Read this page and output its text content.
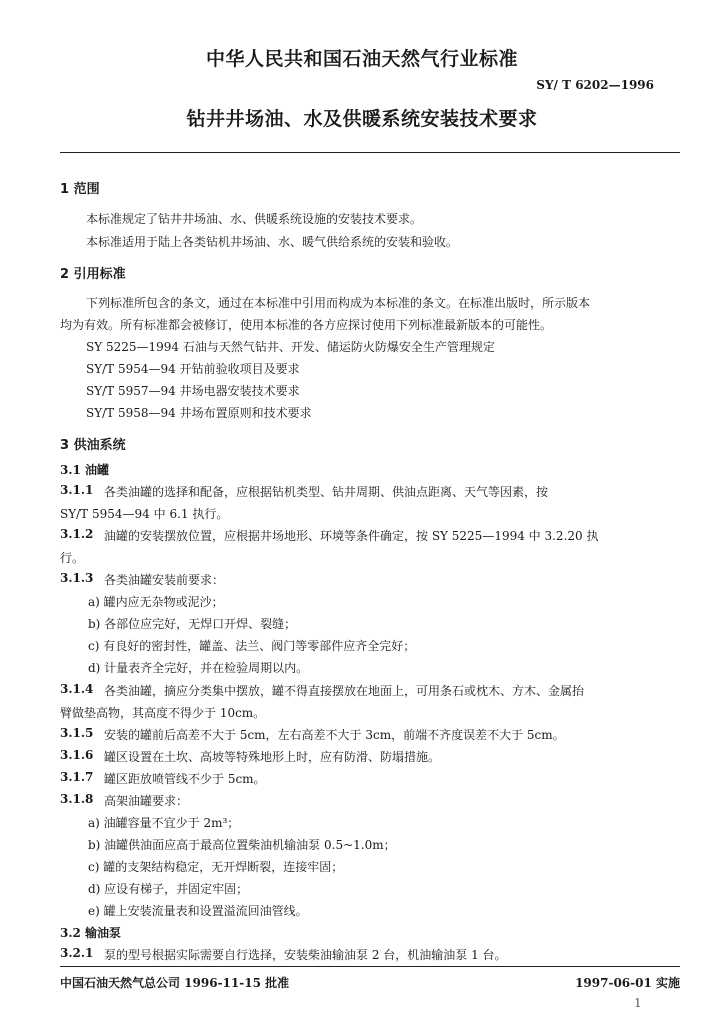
中华人民共和国石油天然气行业标准
SY/ T 6202—1996
钻井井场油、水及供暖系统安装技术要求
1 范围
本标准规定了钻井井场油、水、供暖系统设施的安装技术要求。
本标准适用于陆上各类钻机井场油、水、暖气供给系统的安装和验收。
2 引用标准
下列标准所包含的条文，通过在本标准中引用而构成为本标准的条文。在标准出版时，所示版本
均为有效。所有标准都会被修订，使用本标准的各方应探讨使用下列标准最新版本的可能性。
SY 5225—1994 石油与天然气钻井、开发、储运防火防爆安全生产管理规定
SY/T 5954—94 开钻前验收项目及要求
SY/T 5957—94 井场电器安装技术要求
SY/T 5958—94 井场布置原则和技术要求
3 供油系统
3.1 油罐
3.1.1 各类油罐的选择和配备，应根据钻机类型、钻井周期、供油点距离、天气等因素，按
SY/T 5954—94 中 6.1 执行。
3.1.2 油罐的安装摆放位置，应根据井场地形、环境等条件确定，按 SY 5225—1994 中 3.2.20 执
行。
3.1.3 各类油罐安装前要求：
a) 罐内应无杂物或泥沙；
b) 各部位应完好，无焊口开焊、裂缝；
c) 有良好的密封性，罐盖、法兰、阀门等零部件应齐全完好；
d) 计量表齐全完好，并在检验周期以内。
3.1.4 各类油罐，摘应分类集中摆放，罐不得直接摆放在地面上，可用条石或枕木、方木、金属抬
臂做垫高物，其高度不得少于 10cm。
3.1.5 安装的罐前后高差不大于 5cm，左右高差不大于 3cm，前端不齐度误差不大于 5cm。
3.1.6 罐区设置在土坎、高坡等特殊地形上时，应有防滑、防塌措施。
3.1.7 罐区距放喷管线不少于 5cm。
3.1.8 高架油罐要求：
a) 油罐容量不宜少于 2m³；
b) 油罐供油面应高于最高位置柴油机输油泵 0.5~1.0m；
c) 罐的支架结构稳定，无开焊断裂，连接牢固；
d) 应设有梯子，并固定牢固；
e) 罐上安装流量表和设置溢流回油管线。
3.2 输油泵
3.2.1 泵的型号根据实际需要自行选择，安装柴油输油泵 2 台，机油输油泵 1 台。
中国石油天然气总公司 1996-11-15 批准	1997-06-01 实施
1
